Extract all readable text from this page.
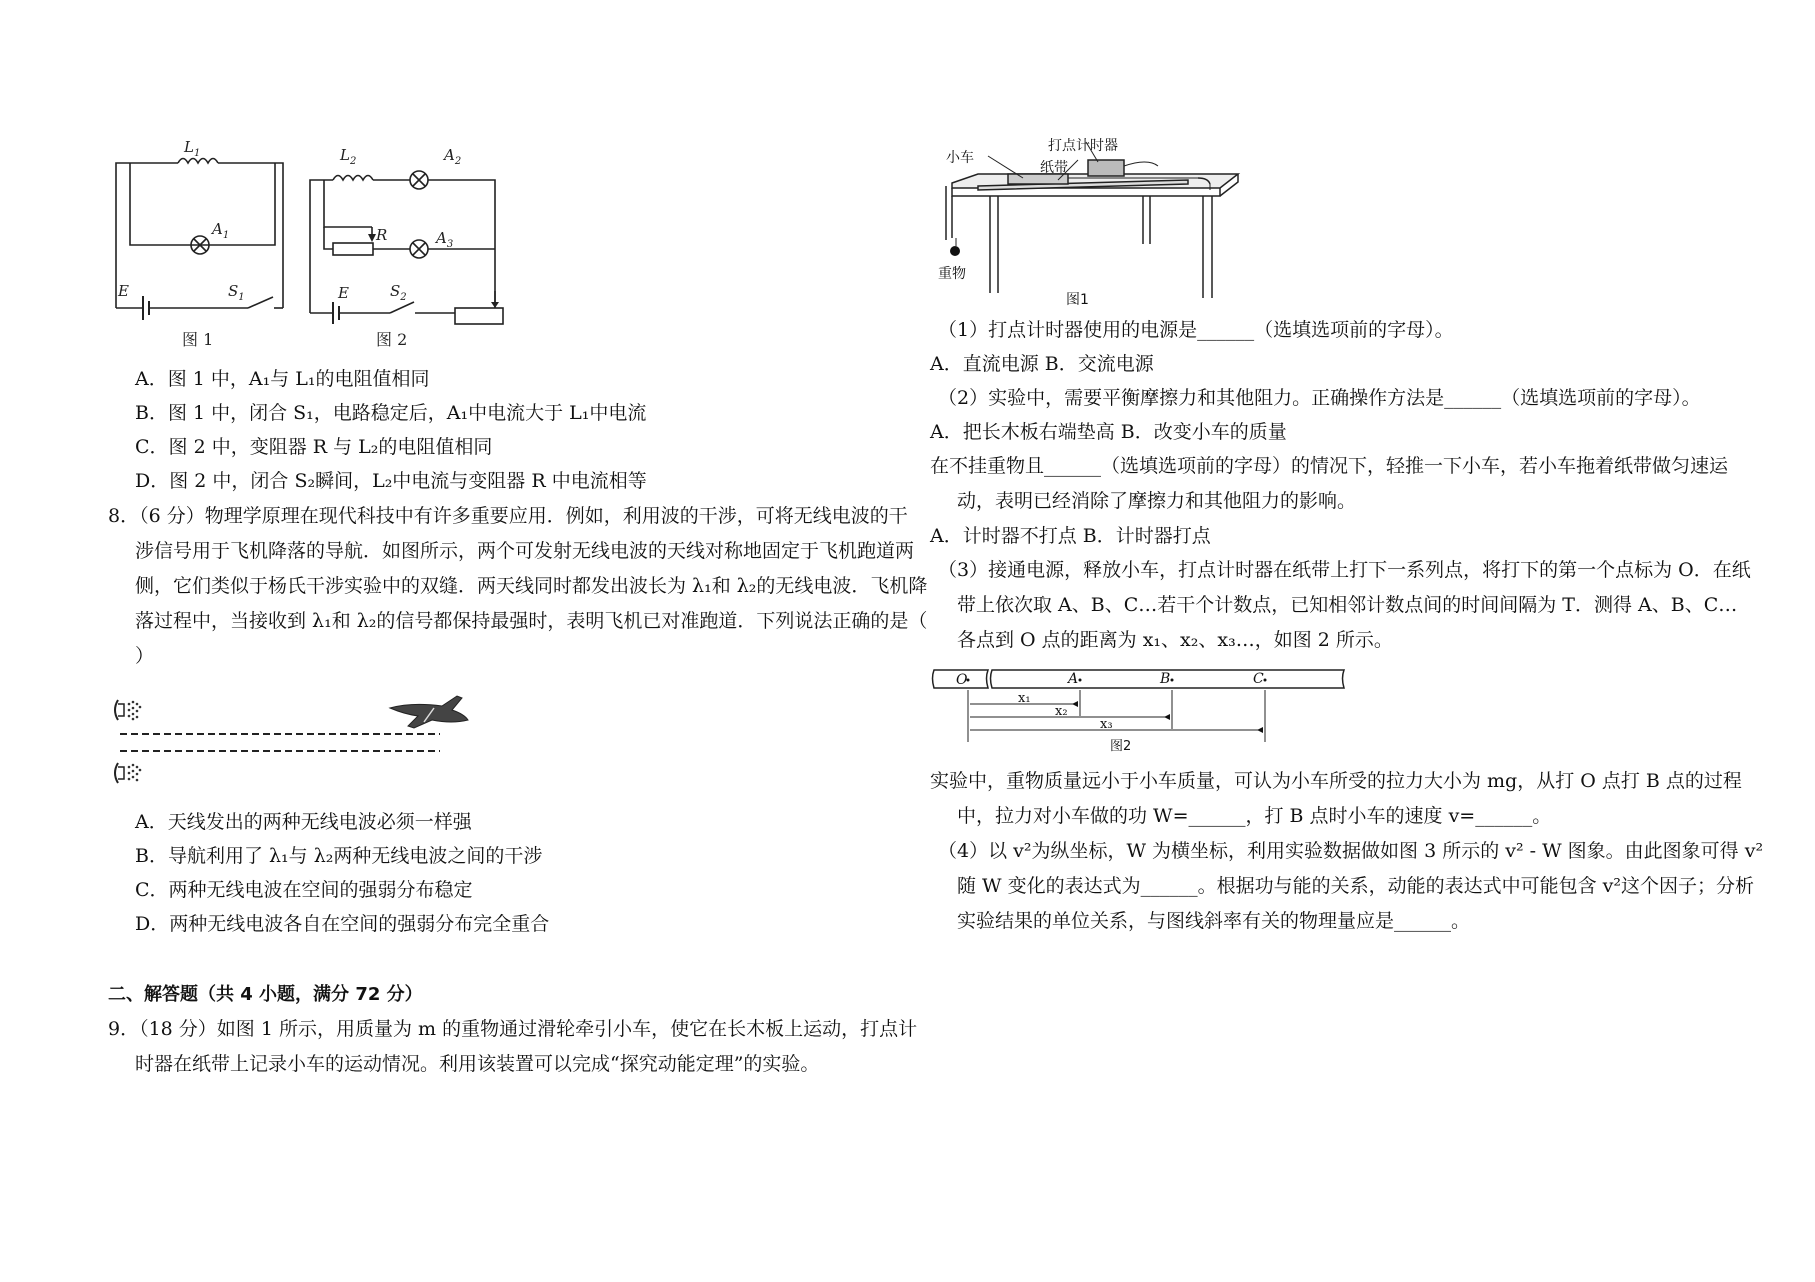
$L_1$
$A_1$
E	$S_1$
$L_2$	$A_2$
R	$A_3$
E	$S_2$
图 1	图 2
A．图 1 中，A₁与 L₁的电阻值相同
B．图 1 中，闭合 S₁，电路稳定后，A₁中电流大于 L₁中电流
C．图 2 中，变阻器 R 与 L₂的电阻值相同
D．图 2 中，闭合 S₂瞬间，L₂中电流与变阻器 R 中电流相等
8．（6 分）物理学原理在现代科技中有许多重要应用．例如，利用波的干涉，可将无线电波的干
涉信号用于飞机降落的导航．如图所示，两个可发射无线电波的天线对称地固定于飞机跑道两
侧，它们类似于杨氏干涉实验中的双缝．两天线同时都发出波长为 λ₁和 λ₂的无线电波．飞机降
落过程中，当接收到 λ₁和 λ₂的信号都保持最强时，表明飞机已对准跑道．下列说法正确的是（
）
A．天线发出的两种无线电波必须一样强
B．导航利用了 λ₁与 λ₂两种无线电波之间的干涉
C．两种无线电波在空间的强弱分布稳定
D．两种无线电波各自在空间的强弱分布完全重合
二、解答题（共 4 小题，满分 72 分）
9．（18 分）如图 1 所示，用质量为 m 的重物通过滑轮牵引小车，使它在长木板上运动，打点计
时器在纸带上记录小车的运动情况。利用该装置可以完成“探究动能定理”的实验。
小车
打点计时器
纸带
重物
图1
（1）打点计时器使用的电源是______（选填选项前的字母）。
A．直流电源 B．交流电源
（2）实验中，需要平衡摩擦力和其他阻力。正确操作方法是______（选填选项前的字母）。
A．把长木板右端垫高 B．改变小车的质量
在不挂重物且______（选填选项前的字母）的情况下，轻推一下小车，若小车拖着纸带做匀速运
动，表明已经消除了摩擦力和其他阻力的影响。
A．计时器不打点 B．计时器打点
（3）接通电源，释放小车，打点计时器在纸带上打下一系列点，将打下的第一个点标为 O．在纸
带上依次取 A、B、C…若干个计数点，已知相邻计数点间的时间间隔为 T．测得 A、B、C…
各点到 O 点的距离为 x₁、x₂、x₃…，如图 2 所示。
O	A	B	C
x₁
x₂
x₃
图2
实验中，重物质量远小于小车质量，可认为小车所受的拉力大小为 mg，从打 O 点打 B 点的过程
中，拉力对小车做的功 W=______，打 B 点时小车的速度 v=______。
（4）以 v²为纵坐标，W 为横坐标，利用实验数据做如图 3 所示的 v² - W 图象。由此图象可得 v²
随 W 变化的表达式为______。根据功与能的关系，动能的表达式中可能包含 v²这个因子；分析
实验结果的单位关系，与图线斜率有关的物理量应是______。
